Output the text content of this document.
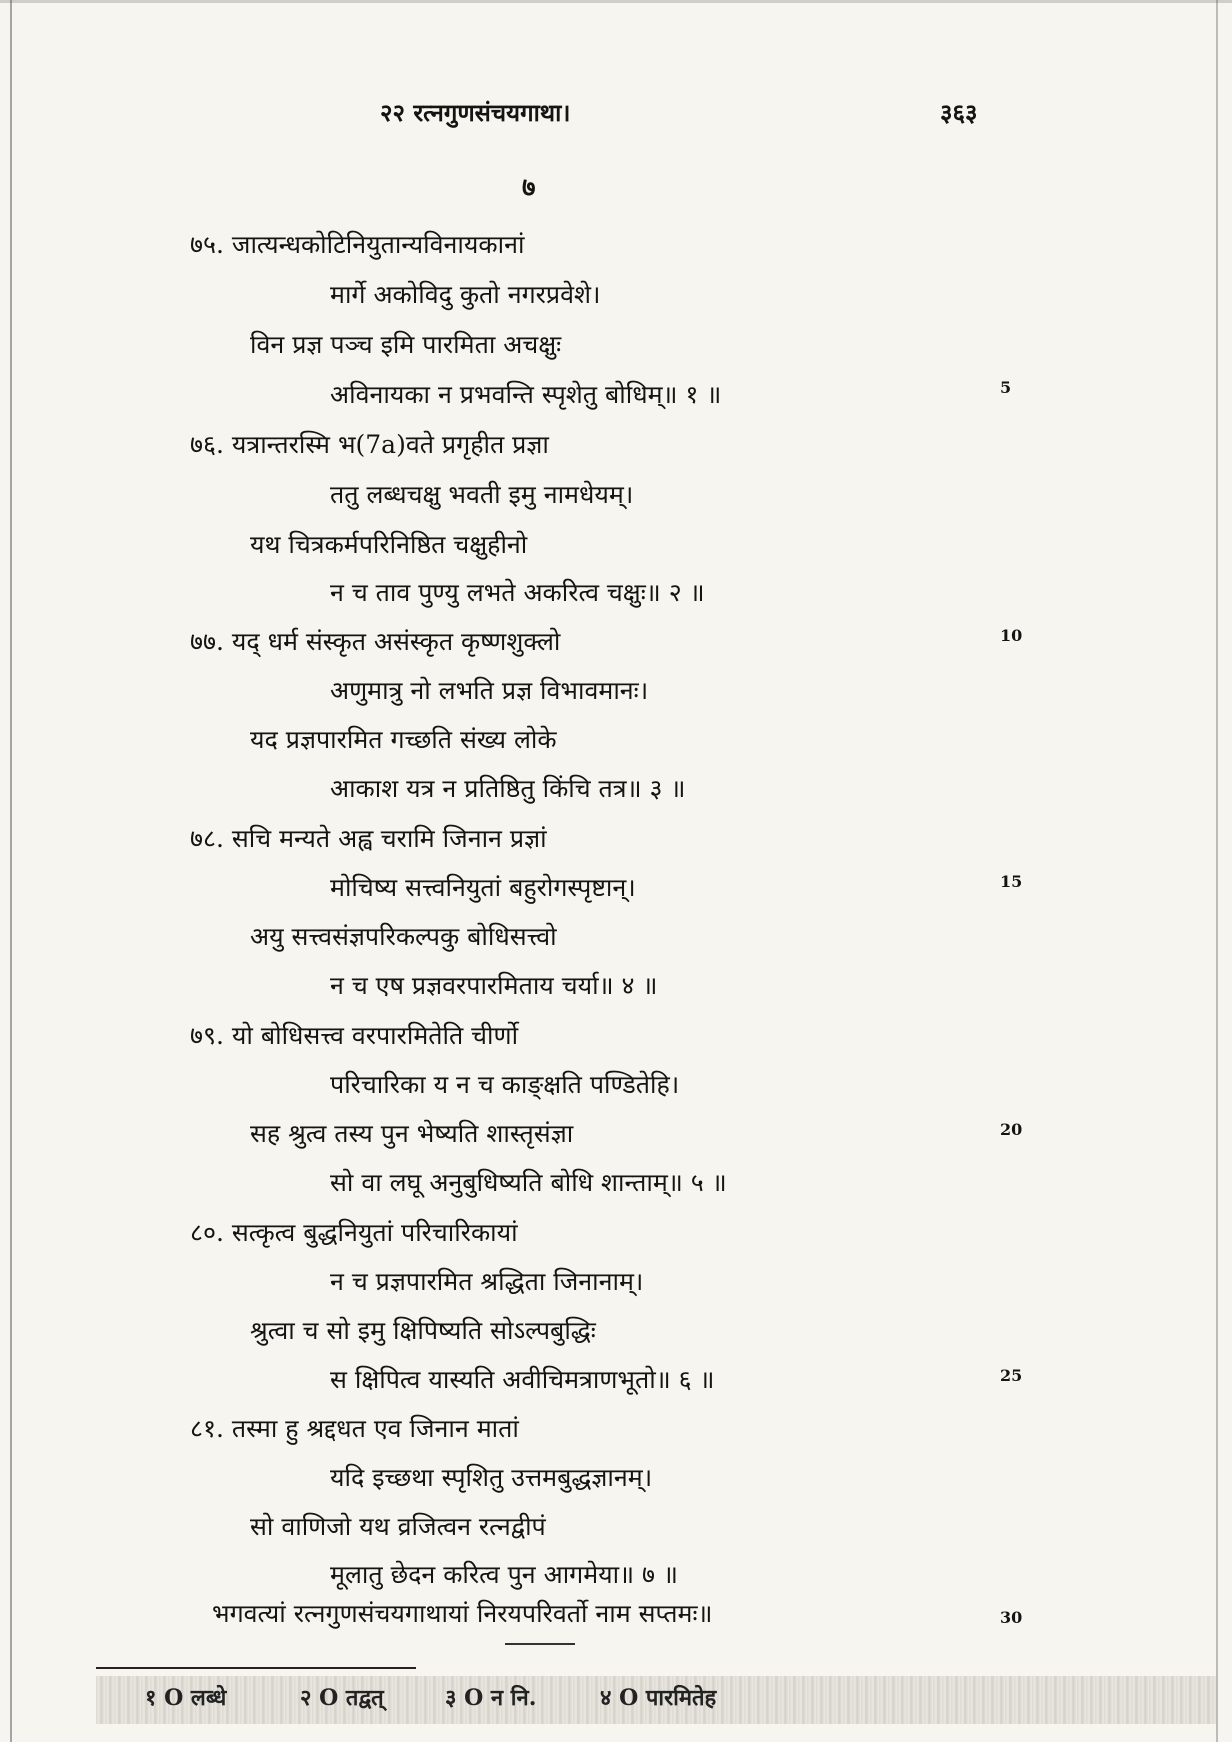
२२ रत्नगुणसंचयगाथा।	३६३
७
७५. जात्यन्धकोटिनियुतान्यविनायकानां
मार्गे अकोविदु कुतो नगरप्रवेशे।
विन प्रज्ञ पञ्च इमि पारमिता अचक्षुः
अविनायका न प्रभवन्ति स्पृशेतु बोधिम्॥ १ ॥
७६. यत्रान्तरस्मि भ(7a)वते प्रगृहीत प्रज्ञा
ततु लब्धचक्षु भवती इमु नामधेयम्।
यथ चित्रकर्मपरिनिष्ठित चक्षुहीनो
न च ताव पुण्यु लभते अकरित्व चक्षुः॥ २ ॥
७७. यद् धर्म संस्कृत असंस्कृत कृष्णशुक्लो
अणुमात्रु नो लभति प्रज्ञ विभावमानः।
यद प्रज्ञपारमित गच्छति संख्य लोके
आकाश यत्र न प्रतिष्ठितु किंचि तत्र॥ ३ ॥
७८. सचि मन्यते अह्व चरामि जिनान प्रज्ञां
मोचिष्य सत्त्वनियुतां बहुरोगस्पृष्टान्।
अयु सत्त्वसंज्ञपरिकल्पकु बोधिसत्त्वो
न च एष प्रज्ञवरपारमिताय चर्या॥ ४ ॥
७९. यो बोधिसत्त्व वरपारमितेति चीर्णो
परिचारिका य न च काङ्क्षति पण्डितेहि।
सह श्रुत्व तस्य पुन भेष्यति शास्तृसंज्ञा
सो वा लघू अनुबुधिष्यति बोधि शान्ताम्॥ ५ ॥
८०. सत्कृत्व बुद्धनियुतां परिचारिकायां
न च प्रज्ञपारमित श्रद्धिता जिनानाम्।
श्रुत्वा च सो इमु क्षिपिष्यति सोऽल्पबुद्धिः
स क्षिपित्व यास्यति अवीचिमत्राणभूतो॥ ६ ॥
८१. तस्मा हु श्रद्दधत एव जिनान मातां
यदि इच्छथा स्पृशितु उत्तमबुद्धज्ञानम्।
सो वाणिजो यथ व्रजित्वन रत्नद्वीपं
मूलातु छेदन करित्व पुन आगमेया॥ ७ ॥
भगवत्यां रत्नगुणसंचयगाथायां निरयपरिवर्तो नाम सप्तमः॥
5
10
15
20
25
30
१ O लब्धे	२ O तद्वत्	३ O न नि.	४ O पारमितेह
